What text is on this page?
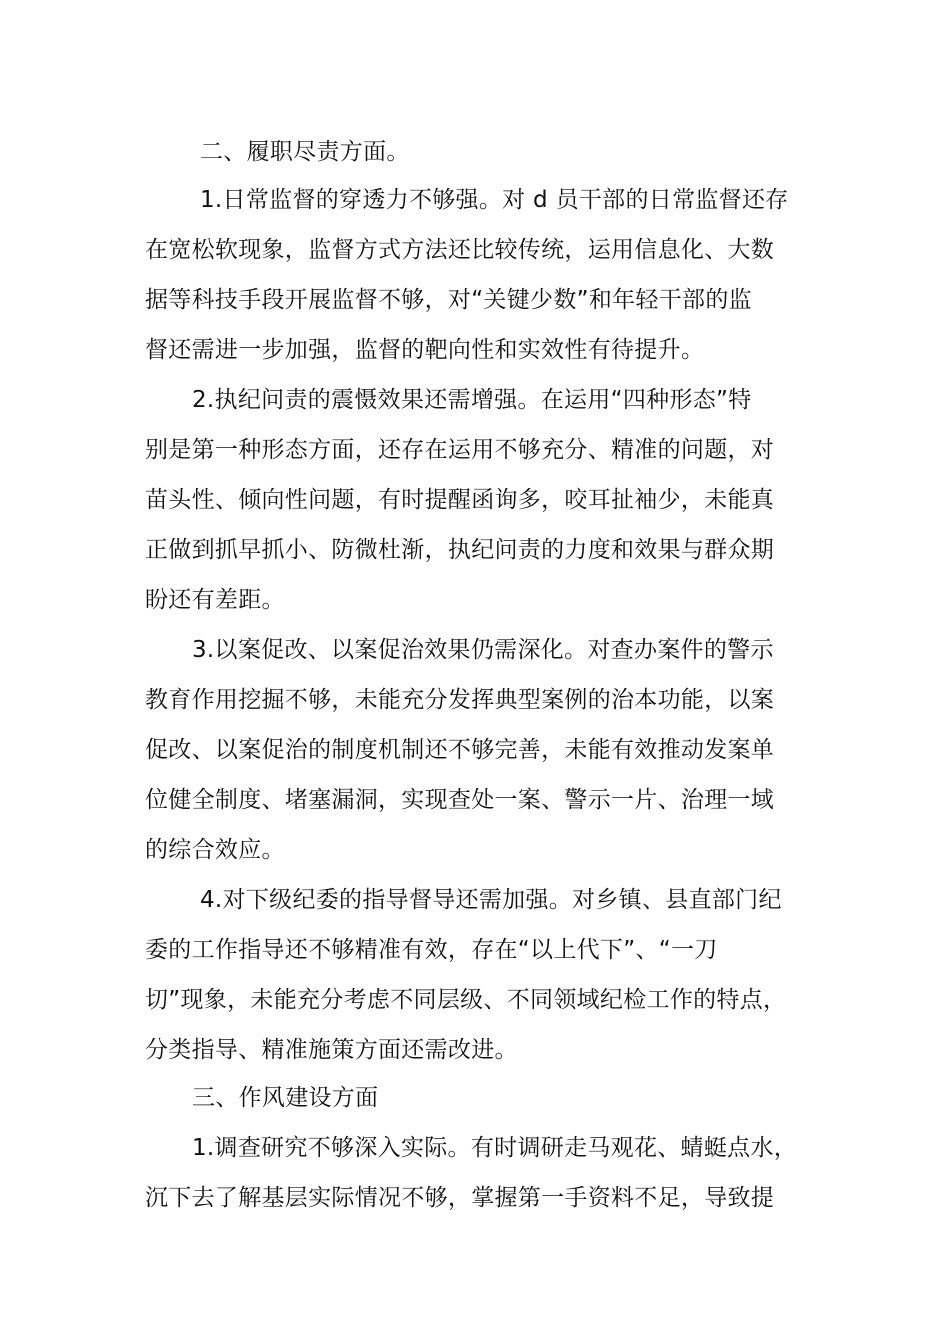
二、履职尽责方面。
1.日常监督的穿透力不够强。对 d 员干部的日常监督还存
在宽松软现象，监督方式方法还比较传统，运用信息化、大数
据等科技手段开展监督不够，对“关键少数”和年轻干部的监
督还需进一步加强，监督的靶向性和实效性有待提升。
2.执纪问责的震慑效果还需增强。在运用“四种形态”特
别是第一种形态方面，还存在运用不够充分、精准的问题，对
苗头性、倾向性问题，有时提醒函询多，咬耳扯袖少，未能真
正做到抓早抓小、防微杜渐，执纪问责的力度和效果与群众期
盼还有差距。
3.以案促改、以案促治效果仍需深化。对查办案件的警示
教育作用挖掘不够，未能充分发挥典型案例的治本功能，以案
促改、以案促治的制度机制还不够完善，未能有效推动发案单
位健全制度、堵塞漏洞，实现查处一案、警示一片、治理一域
的综合效应。
4.对下级纪委的指导督导还需加强。对乡镇、县直部门纪
委的工作指导还不够精准有效，存在“以上代下”、“一刀
切”现象，未能充分考虑不同层级、不同领域纪检工作的特点，
分类指导、精准施策方面还需改进。
三、作风建设方面
1.调查研究不够深入实际。有时调研走马观花、蜻蜓点水，
沉下去了解基层实际情况不够，掌握第一手资料不足，导致提
